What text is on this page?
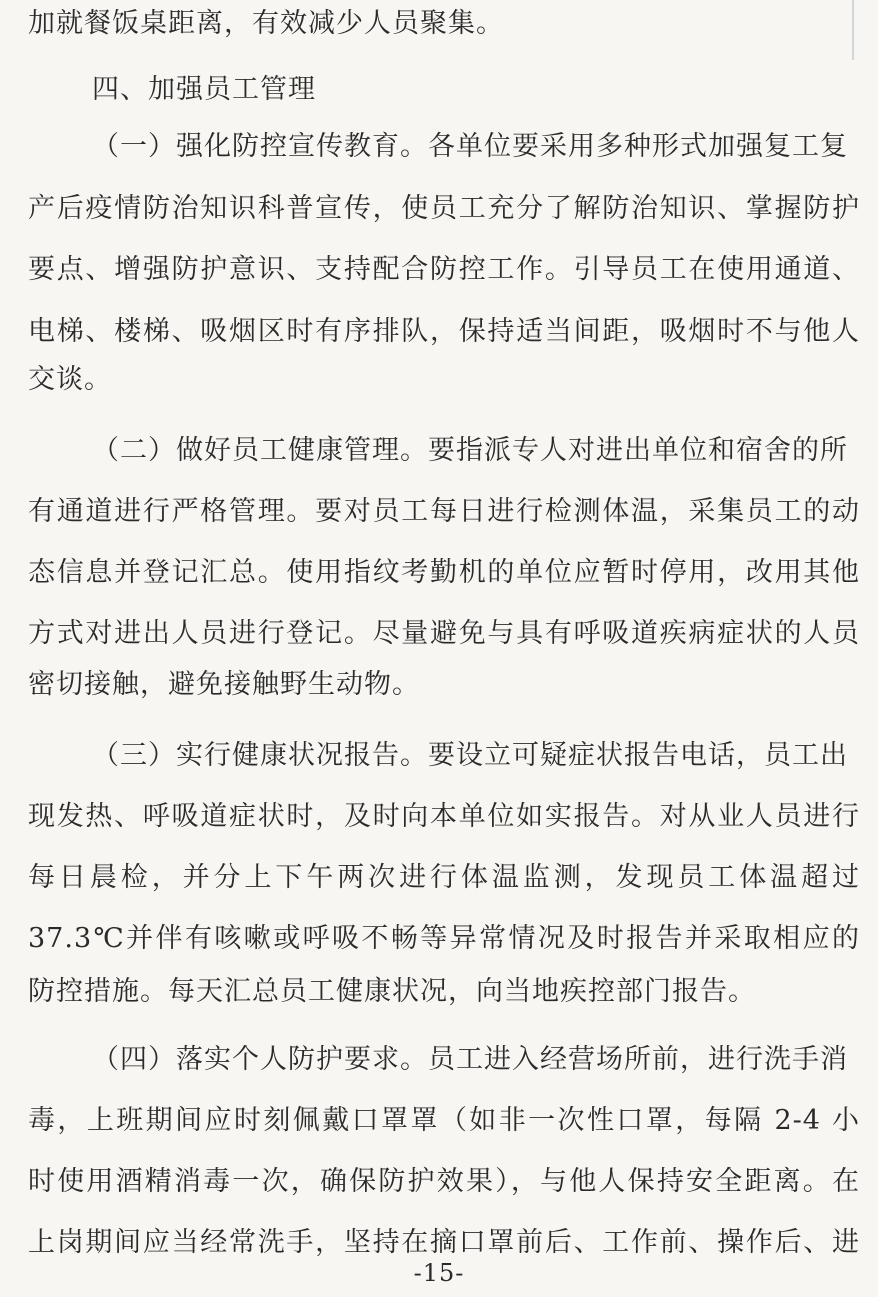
加就餐饭桌距离，有效减少人员聚集。
四、加强员工管理
（一）强化防控宣传教育。各单位要采用多种形式加强复工复
产后疫情防治知识科普宣传，使员工充分了解防治知识、掌握防护
要点、增强防护意识、支持配合防控工作。引导员工在使用通道、
电梯、楼梯、吸烟区时有序排队，保持适当间距，吸烟时不与他人
交谈。
（二）做好员工健康管理。要指派专人对进出单位和宿舍的所
有通道进行严格管理。要对员工每日进行检测体温，采集员工的动
态信息并登记汇总。使用指纹考勤机的单位应暂时停用，改用其他
方式对进出人员进行登记。尽量避免与具有呼吸道疾病症状的人员
密切接触，避免接触野生动物。
（三）实行健康状况报告。要设立可疑症状报告电话，员工出
现发热、呼吸道症状时，及时向本单位如实报告。对从业人员进行
每日晨检，并分上下午两次进行体温监测，发现员工体温超过
37.3℃并伴有咳嗽或呼吸不畅等异常情况及时报告并采取相应的
防控措施。每天汇总员工健康状况，向当地疾控部门报告。
（四）落实个人防护要求。员工进入经营场所前，进行洗手消
毒，上班期间应时刻佩戴口罩罩（如非一次性口罩，每隔 2-4 小
时使用酒精消毒一次，确保防护效果），与他人保持安全距离。在
上岗期间应当经常洗手，坚持在摘口罩前后、工作前、操作后、进
-15-
